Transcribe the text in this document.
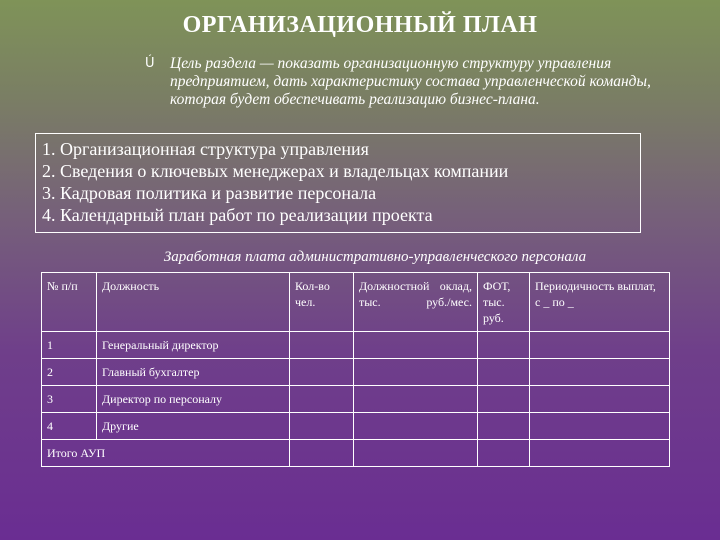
ОРГАНИЗАЦИОННЫЙ ПЛАН
Ú Цель раздела — показать организационную структуру управления предприятием, дать характеристику состава управленческой команды, которая будет обеспечивать реализацию бизнес-плана.
1. Организационная структура управления
2. Сведения о ключевых менеджерах и владельцах компании
3. Кадровая политика и развитие персонала
4. Календарный план работ по реализации проекта
Заработная плата административно-управленческого персонала
№ п/п	Должность	Кол-во чел.	Должностной оклад, тыс. руб./мес.	ФОТ, тыс. руб.	Периодичность выплат, с _ по _
1	Генеральный директор				
2	Главный бухгалтер				
3	Директор по персоналу				
4	Другие				
Итого АУП					
